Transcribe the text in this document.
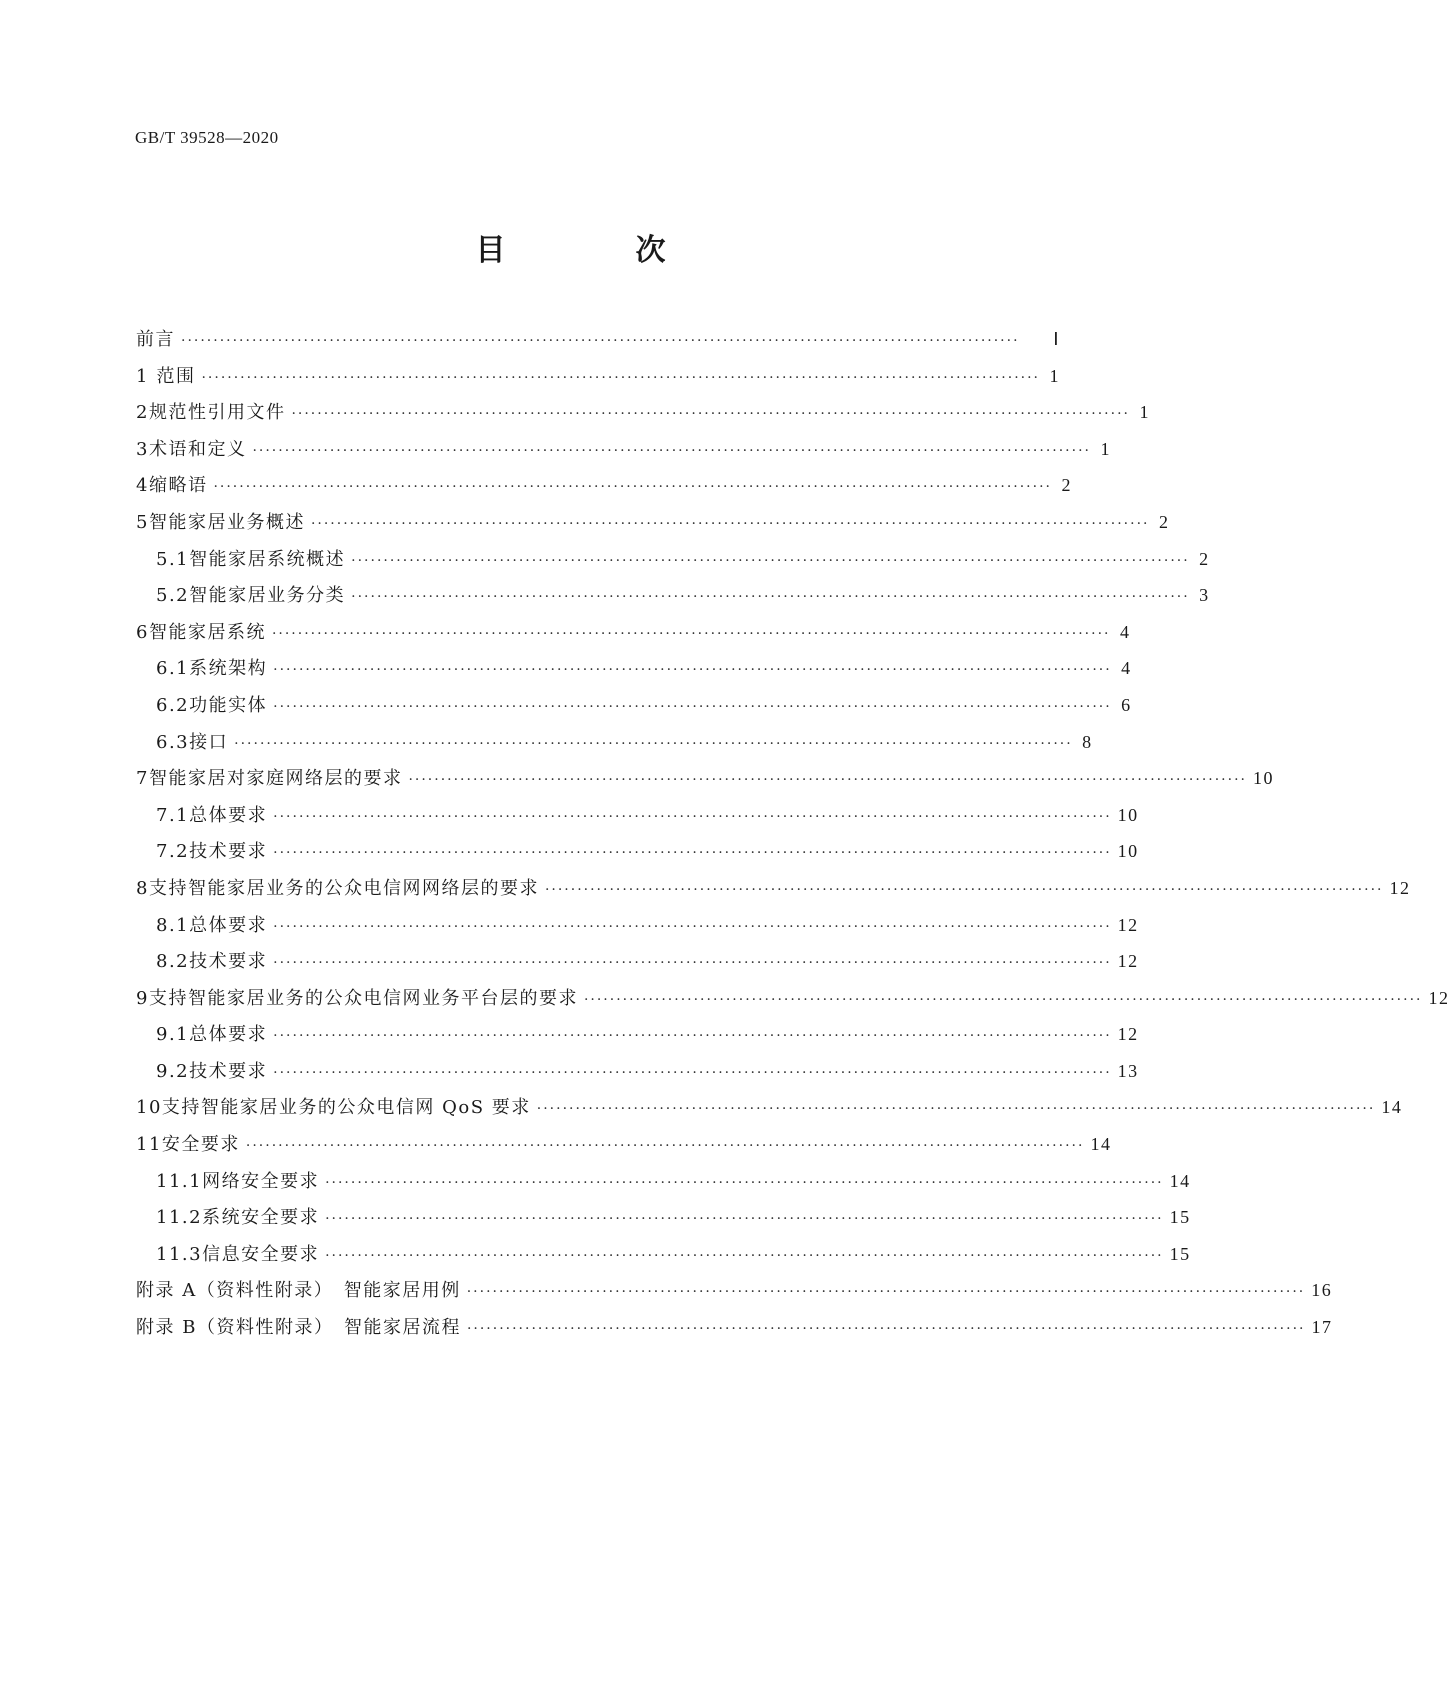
GB/T 39528—2020
目　次
前言 ··································································································································	Ⅰ
1 范围 ·································································································································· 1
2 规范性引用文件 ·································································································································· 1
3 术语和定义 ·································································································································· 1
4 缩略语 ·································································································································· 2
5 智能家居业务概述 ·································································································································· 2
5.1 智能家居系统概述 ·································································································································· 2
5.2 智能家居业务分类 ·································································································································· 3
6 智能家居系统 ·································································································································· 4
6.1 系统架构 ·································································································································· 4
6.2 功能实体 ·································································································································· 6
6.3 接口 ·································································································································· 8
7 智能家居对家庭网络层的要求 ·································································································································· 10
7.1 总体要求 ·································································································································· 10
7.2 技术要求 ·································································································································· 10
8 支持智能家居业务的公众电信网网络层的要求 ·································································································································· 12
8.1 总体要求 ·································································································································· 12
8.2 技术要求 ·································································································································· 12
9 支持智能家居业务的公众电信网业务平台层的要求 ·································································································································· 12
9.1 总体要求 ·································································································································· 12
9.2 技术要求 ·································································································································· 13
10 支持智能家居业务的公众电信网 QoS 要求 ·································································································································· 14
11 安全要求 ·································································································································· 14
11.1 网络安全要求 ·································································································································· 14
11.2 系统安全要求 ·································································································································· 15
11.3 信息安全要求 ·································································································································· 15
附录 A（资料性附录）　智能家居用例 ·································································································································· 16
附录 B（资料性附录）　智能家居流程 ·································································································································· 17
